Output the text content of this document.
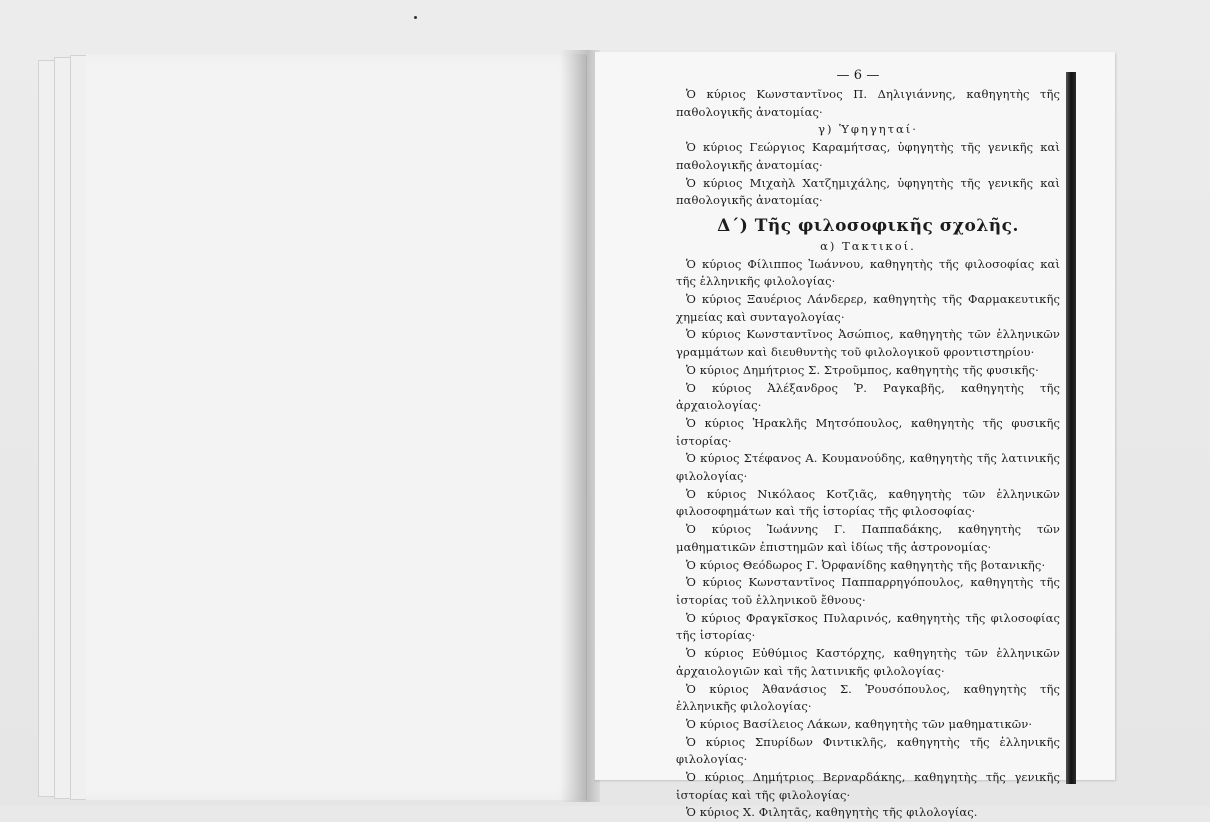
— 6 —

Ὁ κύριος Κωνσταντῖνος Π. Δηλιγιάννης, καθηγητὴς τῆς παθολογικῆς ἀνατομίας·

γ) Ὑφηγηταί·

Ὁ κύριος Γεώργιος Καραμήτσας, ὑφηγητὴς τῆς γενικῆς καὶ παθολογικῆς ἀνατομίας·

Ὁ κύριος Μιχαὴλ Χατζημιχάλης, ὑφηγητὴς τῆς γενικῆς καὶ παθολογικῆς ἀνατομίας·

Δ΄) Τῆς φιλοσοφικῆς σχολῆς.

α) Τακτικοί.

Ὁ κύριος Φίλιππος Ἰωάννου, καθηγητὴς τῆς φιλοσοφίας καὶ τῆς ἑλληνικῆς φιλολογίας·

Ὁ κύριος Ξαυέριος Λάνδερερ, καθηγητὴς τῆς Φαρμακευτικῆς χημείας καὶ συνταγολογίας·

Ὁ κύριος Κωνσταντῖνος Ἀσώπιος, καθηγητὴς τῶν ἑλληνικῶν γραμμάτων καὶ διευθυντὴς τοῦ φιλολογικοῦ φροντιστηρίου·

Ὁ κύριος Δημήτριος Σ. Στροῦμπος, καθηγητὴς τῆς φυσικῆς·

Ὁ κύριος Ἀλέξανδρος Ῥ. Ραγκαβῆς, καθηγητὴς τῆς ἀρχαιολογίας·

Ὁ κύριος Ἡρακλῆς Μητσόπουλος, καθηγητὴς τῆς φυσικῆς ἱστορίας·

Ὁ κύριος Στέφανος Α. Κουμανούδης, καθηγητὴς τῆς λατινικῆς φιλολογίας·

Ὁ κύριος Νικόλαος Κοτζιᾶς, καθηγητὴς τῶν ἑλληνικῶν φιλοσοφημάτων καὶ τῆς ἱστορίας τῆς φιλοσοφίας·

Ὁ κύριος Ἰωάννης Γ. Παππαδάκης, καθηγητὴς τῶν μαθηματικῶν ἐπιστημῶν καὶ ἰδίως τῆς ἀστρονομίας·

Ὁ κύριος Θεόδωρος Γ. Ὀρφανίδης καθηγητὴς τῆς βοτανικῆς·

Ὁ κύριος Κωνσταντῖνος Παππαρρηγόπουλος, καθηγητὴς τῆς ἱστορίας τοῦ ἑλληνικοῦ ἔθνους·

Ὁ κύριος Φραγκῖσκος Πυλαρινός, καθηγητὴς τῆς φιλοσοφίας τῆς ἱστορίας·

Ὁ κύριος Εὐθύμιος Καστόρχης, καθηγητὴς τῶν ἑλληνικῶν ἀρχαιολογιῶν καὶ τῆς λατινικῆς φιλολογίας·

Ὁ κύριος Ἀθανάσιος Σ. Ῥουσόπουλος, καθηγητὴς τῆς ἑλληνικῆς φιλολογίας·

Ὁ κύριος Βασίλειος Λάκων, καθηγητὴς τῶν μαθηματικῶν·

Ὁ κύριος Σπυρίδων Φιντικλῆς, καθηγητὴς τῆς ἑλληνικῆς φιλολογίας·

Ὁ κύριος Δημήτριος Βερναρδάκης, καθηγητὴς τῆς γενικῆς ἱστορίας καὶ τῆς φιλολογίας·

Ὁ κύριος Χ. Φιλητᾶς, καθηγητὴς τῆς φιλολογίας.
